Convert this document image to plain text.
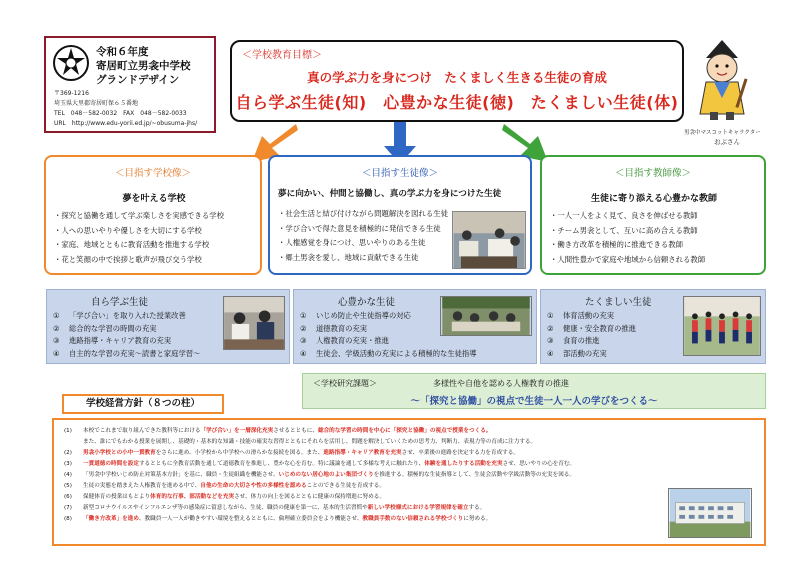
令和６年度
寄居町立男衾中学校
グランドデザイン
〒369-1216
埼玉県大里郡寄居町保６５番地
TEL　048－582-0032　FAX　048－582-0033
URL　http://www.edu-yorii.ed.jp/~obusuma-jhs/
＜学校教育目標＞
真の学ぶ力を身につけ　たくましく生きる生徒の育成
自ら学ぶ生徒(知)　心豊かな生徒(徳)　たくましい生徒(体)
男衾中マスコットキャラクター
おぶさん
＜目指す学校像＞
夢を叶える学校
・探究と協働を通して学ぶ楽しさを実感できる学校
・人への思いやりや優しさを大切にする学校
・家庭、地域とともに教育活動を推進する学校
・花と笑顔の中で挨拶と歌声が飛び交う学校
＜目指す生徒像＞
夢に向かい、仲間と協働し、真の学ぶ力を身につけた生徒
・社会生活と結び付けながら問題解決を図れる生徒
・学び合いで得た意見を積極的に発信できる生徒
・人権感覚を身につけ、思いやりのある生徒
・郷土男衾を愛し、地域に貢献できる生徒
＜目指す教師像＞
生徒に寄り添える心豊かな教師
・一人一人をよく見て、良さを伸ばせる教師
・チーム男衾として、互いに高め合える教師
・働き方改革を積極的に推進できる教師
・人間性豊かで家庭や地域から信頼される教師
自ら学ぶ生徒
① 「学び合い」を取り入れた授業改善
② 総合的な学習の時間の充実
③ 進路指導・キャリア教育の充実
④ 自主的な学習の充実～読書と家庭学習～
心豊かな生徒
① いじめ防止や生徒指導の対応
② 道徳教育の充実
③ 人権教育の充実・推進
④ 生徒会、学級活動の充実による積極的な生徒指導
たくましい生徒
① 体育活動の充実
② 健康・安全教育の推進
③ 食育の推進
④ 部活動の充実
＜学校研究課題＞	多様性や自他を認める人権教育の推進
～「探究と協働」の視点で生徒一人一人の学びをつくる～
(1) 本校でこれまで取り組んできた教科等における「学び合い」を一層深化充実させるとともに、総合的な学習の時間を中心に「探究と協働」の視点で授業をつくる。
また、誰にでもわかる授業を展開し、基礎的・基本的な知識・技能の確実な習得とともにそれらを活用し、問題を解決していくための思考力、判断力、表現力等の育成に注力する。
(2) 男衾小学校との小中一貫教育をさらに進め、小学校から中学校への滑らかな接続を図る。また、進路指導・キャリア教育を充実させ、卒業後の進路を決定する力を育成する。
(3) 一貫道徳の時間を設定するとともに全教育活動を通して道徳教育を推進し、豊かな心を育む。特に議論を通して多様な考えに触れたり、体験を通したりする活動を充実させ、思いやりの心を育む。
(4) 「男衾中学校いじめ防止対策基本方針」を基に、職員・生徒組織を機能させ、いじめのない居心地のよい集団づくりを推進する。積極的な生徒指導として、生徒会活動や学級活動等の充実を図る。
(5) 生徒の実態を踏まえた人権教育を進める中で、自他の生命の大切さや性の多様性を認めることのできる生徒を育成する。
(6) 保健体育の授業はもとより体育的な行事、部活動などを充実させ、体力の向上を図るとともに健康の保持増進に努める。
(7) 新型コロナウイルスやインフルエンザ等の感染症に留意しながら、生徒、職員の健康を第一に、基本的生活習慣や新しい学校様式における学習規律を確立する。
(8) 「働き方改革」を進め、教職員一人一人が働きやすい環境を整えるとともに、倫理確立委員会をより機能させ、教職員手数のない信頼される学校づくりに努める。
学校経営方針（８つの柱）
